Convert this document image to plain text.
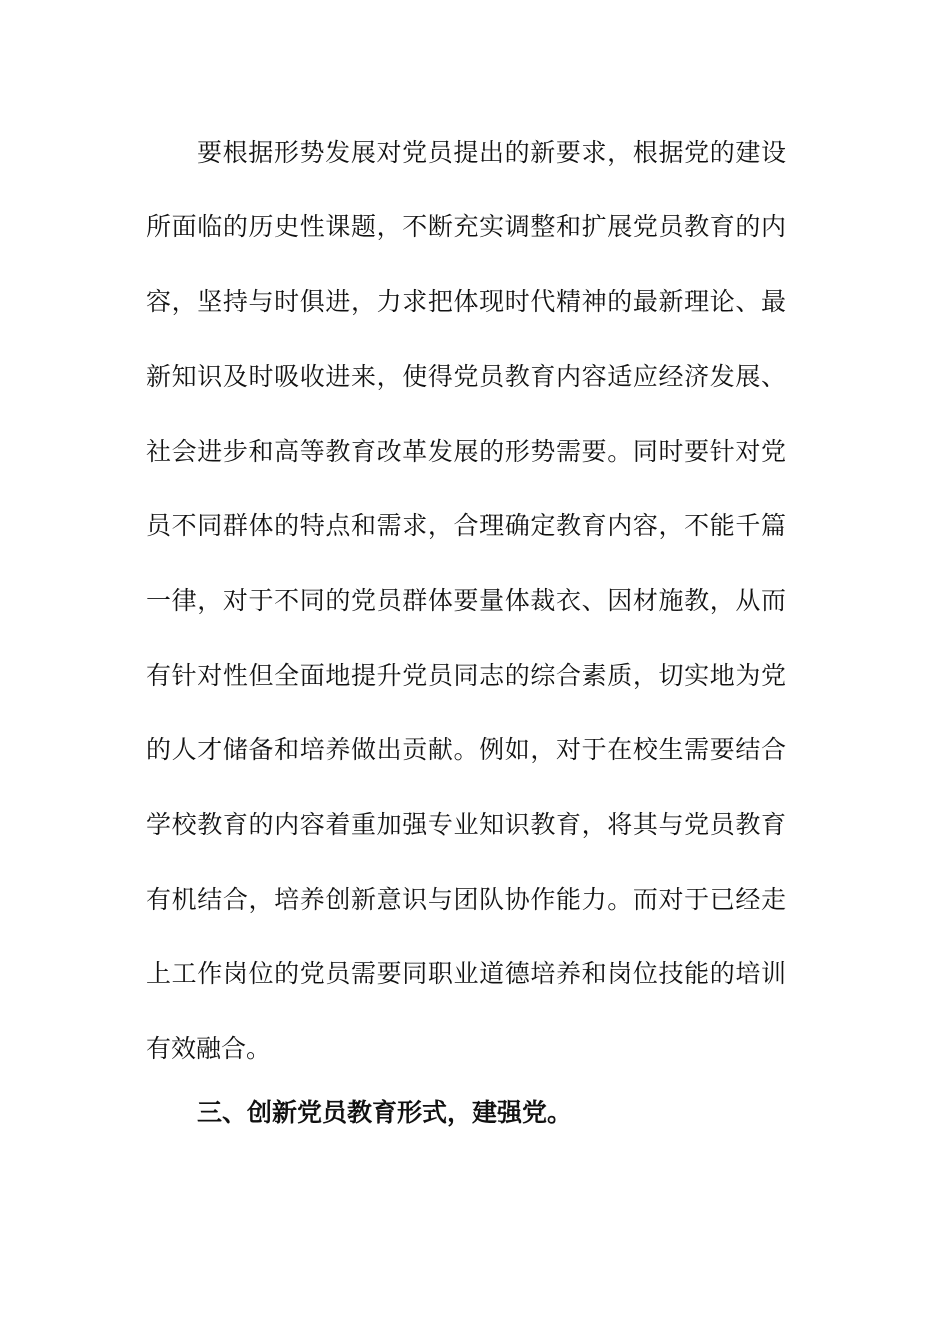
要根据形势发展对党员提出的新要求，根据党的建设
所面临的历史性课题，不断充实调整和扩展党员教育的内
容，坚持与时俱进，力求把体现时代精神的最新理论、最
新知识及时吸收进来，使得党员教育内容适应经济发展、
社会进步和高等教育改革发展的形势需要。同时要针对党
员不同群体的特点和需求，合理确定教育内容，不能千篇
一律，对于不同的党员群体要量体裁衣、因材施教，从而
有针对性但全面地提升党员同志的综合素质，切实地为党
的人才储备和培养做出贡献。例如，对于在校生需要结合
学校教育的内容着重加强专业知识教育，将其与党员教育
有机结合，培养创新意识与团队协作能力。而对于已经走
上工作岗位的党员需要同职业道德培养和岗位技能的培训
有效融合。
三、创新党员教育形式，建强党。
